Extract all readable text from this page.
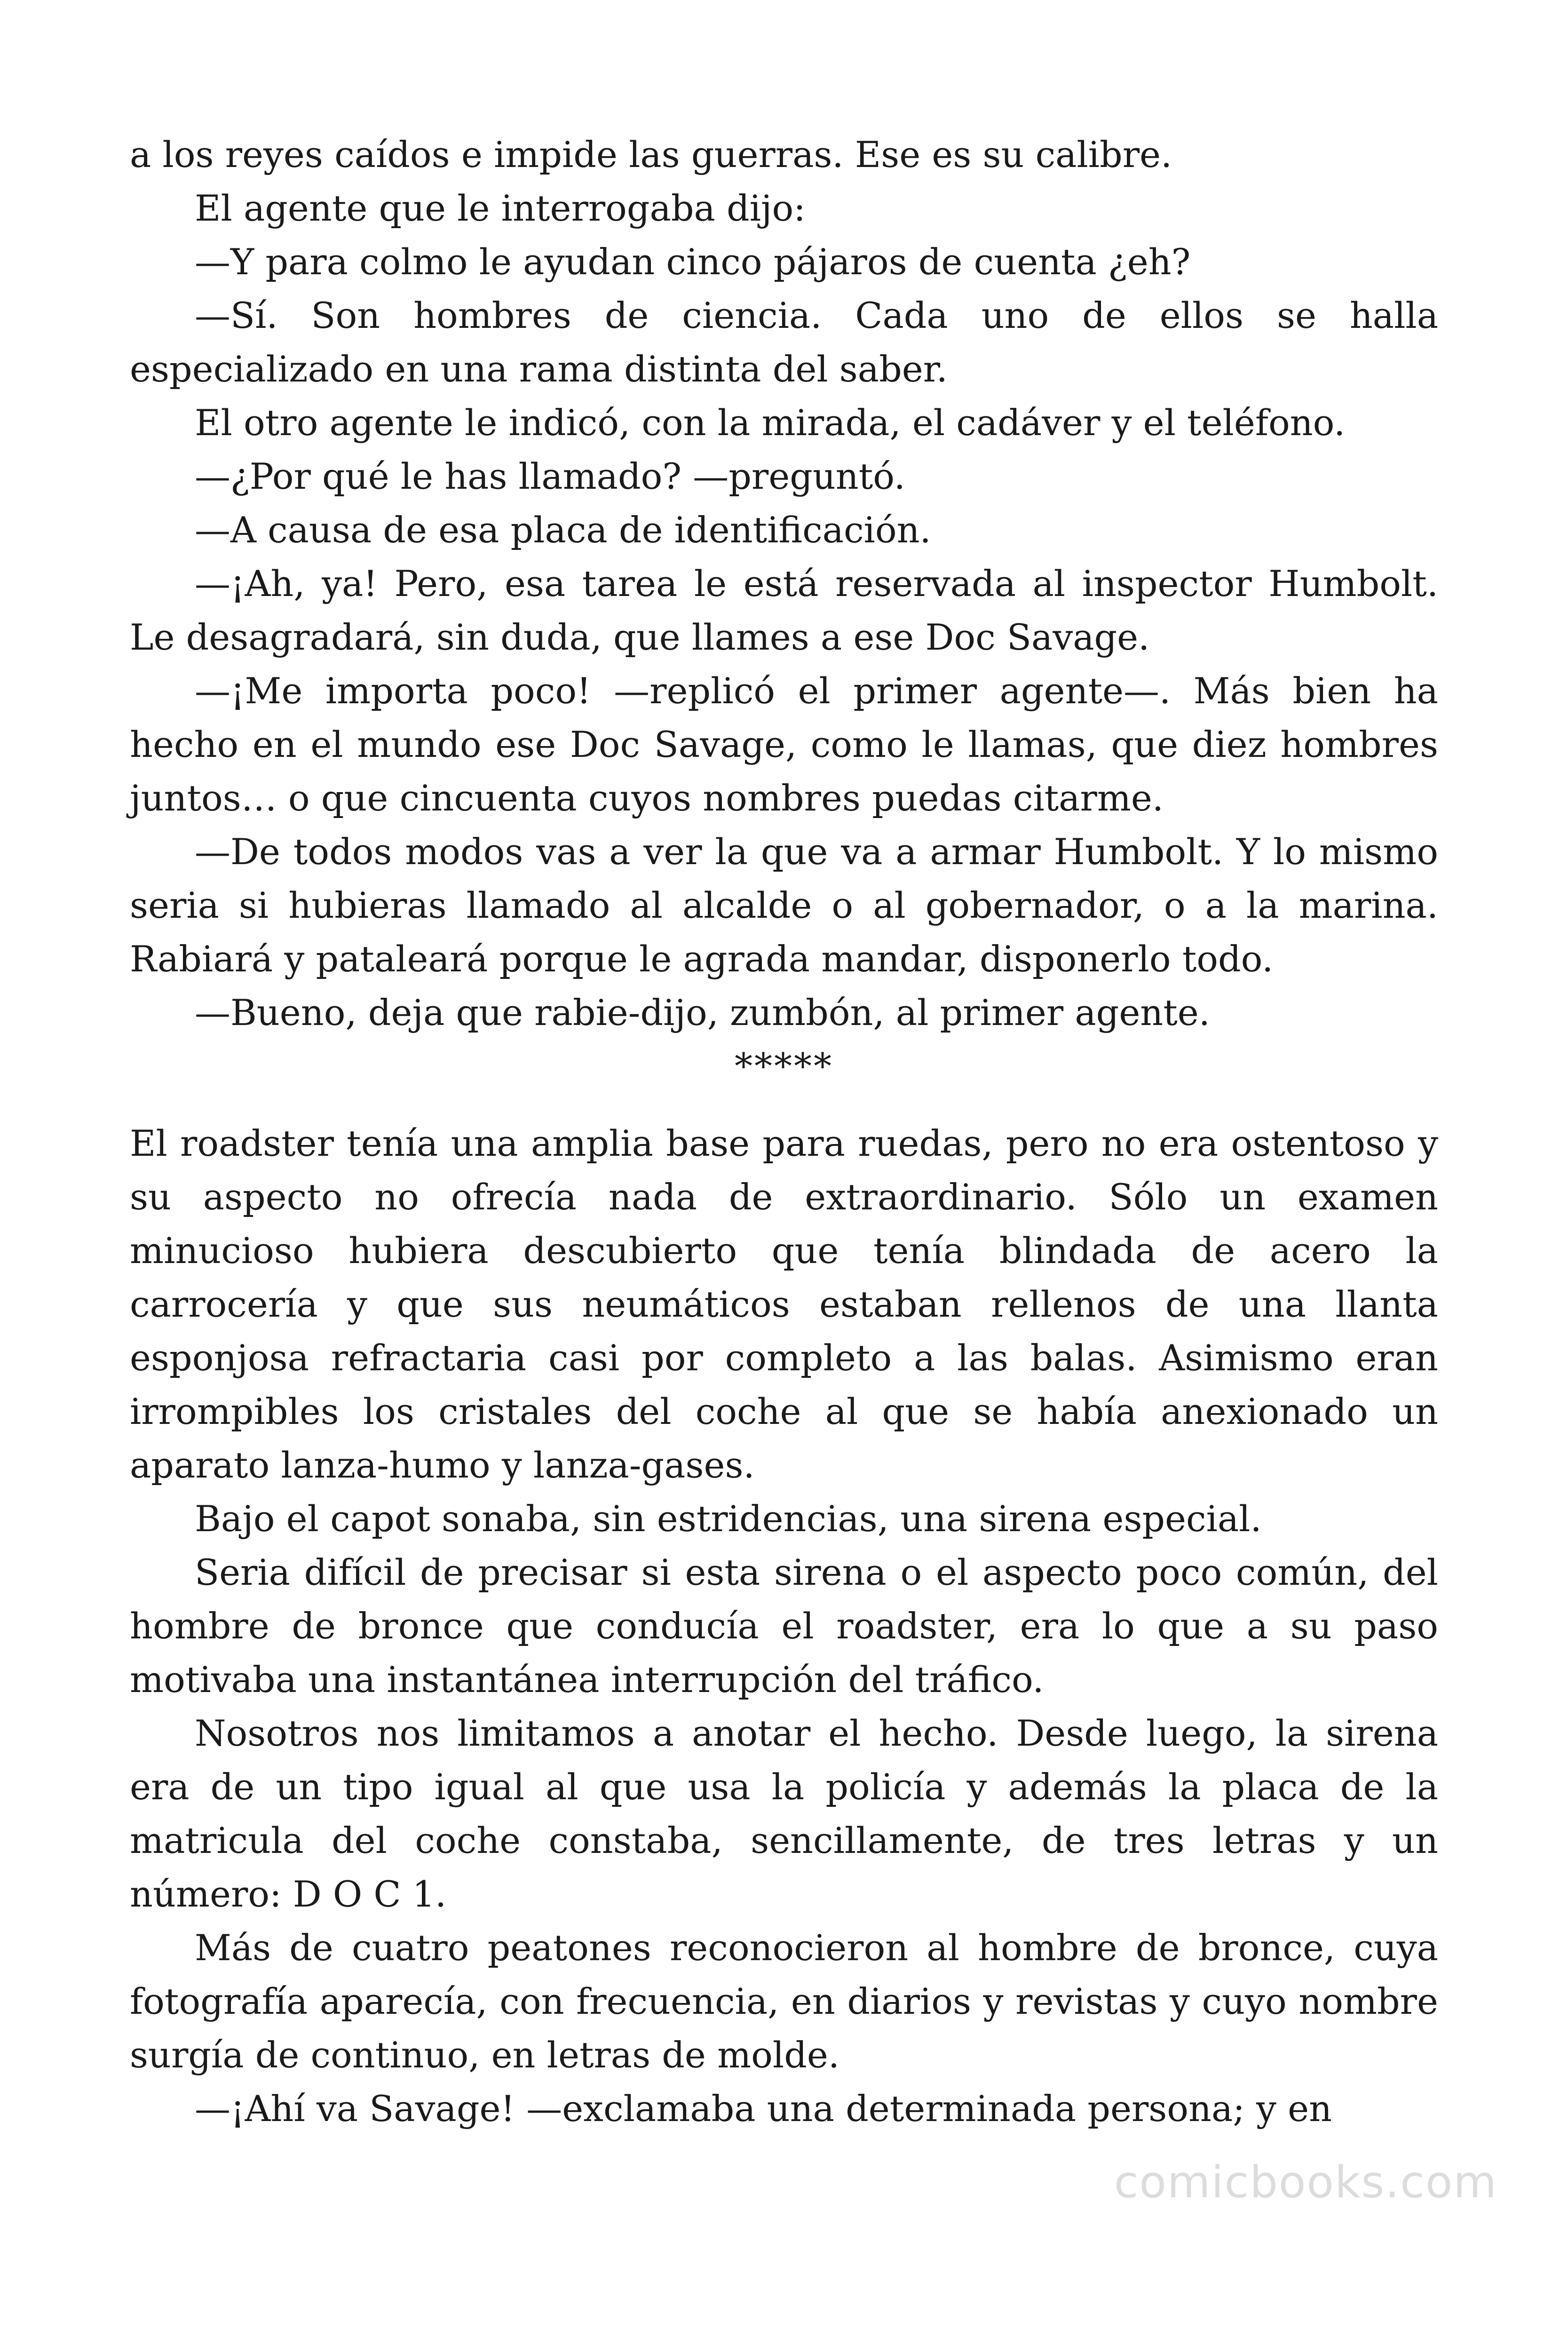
a los reyes caídos e impide las guerras. Ese es su calibre.

El agente que le interrogaba dijo:

—Y para colmo le ayudan cinco pájaros de cuenta ¿eh?

—Sí. Son hombres de ciencia. Cada uno de ellos se halla especializado en una rama distinta del saber.

El otro agente le indicó, con la mirada, el cadáver y el teléfono.

—¿Por qué le has llamado? —preguntó.

—A causa de esa placa de identificación.

—¡Ah, ya! Pero, esa tarea le está reservada al inspector Humbolt. Le desagradará, sin duda, que llames a ese Doc Savage.

—¡Me importa poco! —replicó el primer agente—. Más bien ha hecho en el mundo ese Doc Savage, como le llamas, que diez hombres juntos… o que cincuenta cuyos nombres puedas citarme.

—De todos modos vas a ver la que va a armar Humbolt. Y lo mismo seria si hubieras llamado al alcalde o al gobernador, o a la marina. Rabiará y pataleará porque le agrada mandar, disponerlo todo.

—Bueno, deja que rabie-dijo, zumbón, al primer agente.

*****

El roadster tenía una amplia base para ruedas, pero no era ostentoso y su aspecto no ofrecía nada de extraordinario. Sólo un examen minucioso hubiera descubierto que tenía blindada de acero la carrocería y que sus neumáticos estaban rellenos de una llanta esponjosa refractaria casi por completo a las balas. Asimismo eran irrompibles los cristales del coche al que se había anexionado un aparato lanza-humo y lanza-gases.

Bajo el capot sonaba, sin estridencias, una sirena especial.

Seria difícil de precisar si esta sirena o el aspecto poco común, del hombre de bronce que conducía el roadster, era lo que a su paso motivaba una instantánea interrupción del tráfico.

Nosotros nos limitamos a anotar el hecho. Desde luego, la sirena era de un tipo igual al que usa la policía y además la placa de la matricula del coche constaba, sencillamente, de tres letras y un número: D O C 1.

Más de cuatro peatones reconocieron al hombre de bronce, cuya fotografía aparecía, con frecuencia, en diarios y revistas y cuyo nombre surgía de continuo, en letras de molde.

—¡Ahí va Savage! —exclamaba una determinada persona; y en

comicbooks.com
